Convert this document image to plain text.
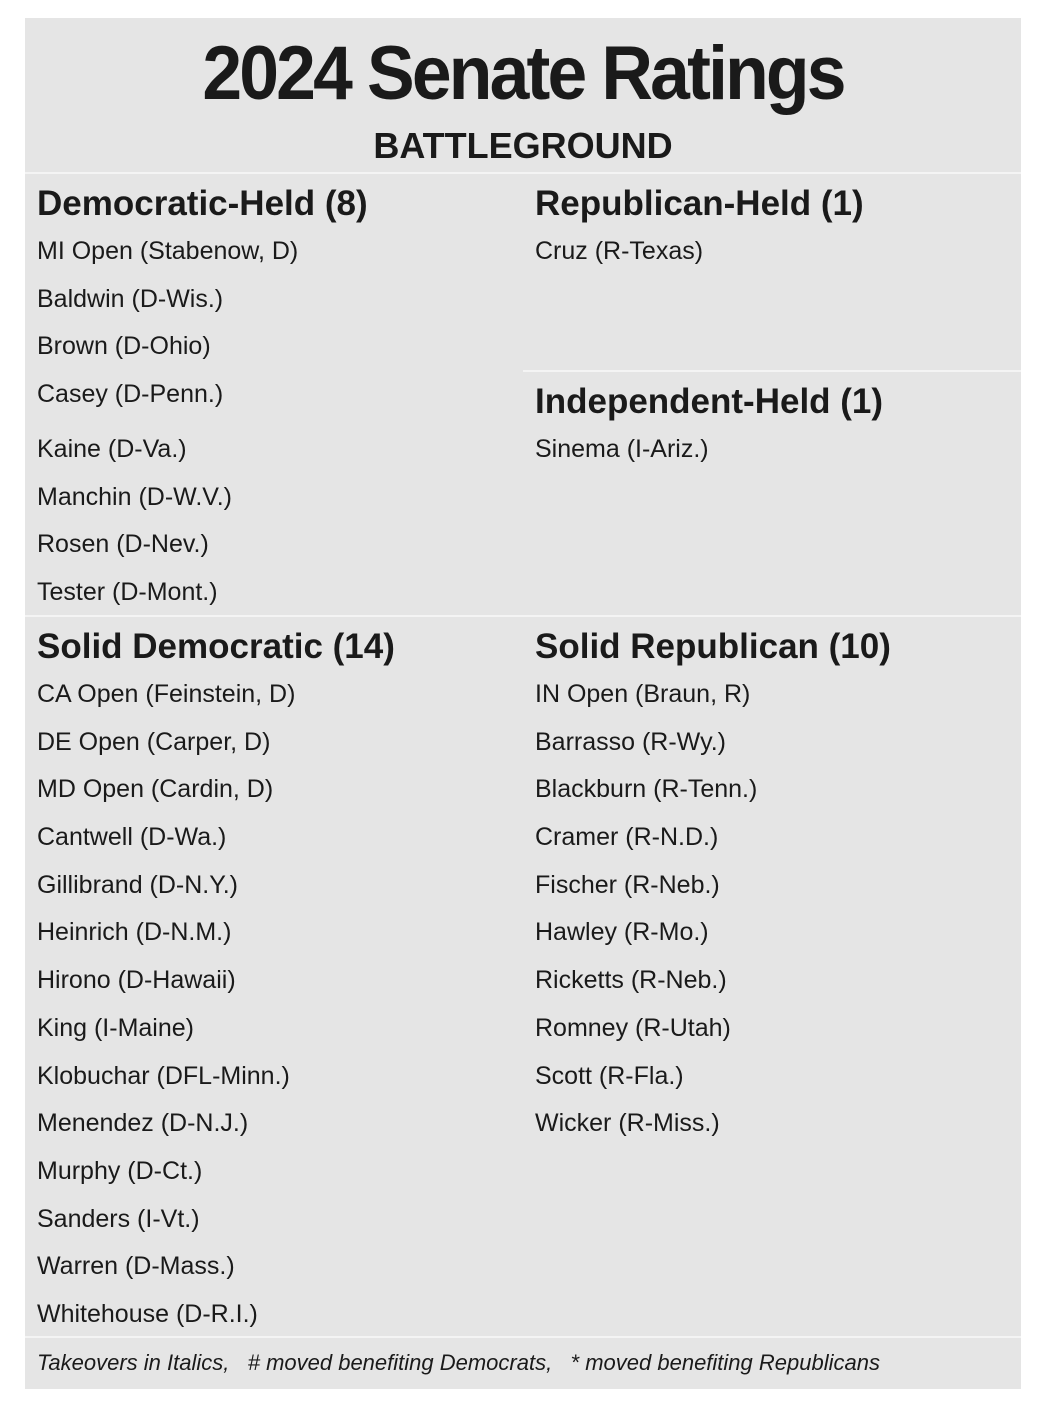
2024 Senate Ratings
BATTLEGROUND
Democratic-Held (8)
MI Open (Stabenow, D)
Baldwin (D-Wis.)
Brown (D-Ohio)
Casey (D-Penn.)
Kaine (D-Va.)
Manchin (D-W.V.)
Rosen (D-Nev.)
Tester (D-Mont.)
Republican-Held (1)
Cruz (R-Texas)
Independent-Held (1)
Sinema (I-Ariz.)
Solid Democratic (14)
CA Open (Feinstein, D)
DE Open (Carper, D)
MD Open (Cardin, D)
Cantwell (D-Wa.)
Gillibrand (D-N.Y.)
Heinrich (D-N.M.)
Hirono (D-Hawaii)
King (I-Maine)
Klobuchar (DFL-Minn.)
Menendez (D-N.J.)
Murphy (D-Ct.)
Sanders (I-Vt.)
Warren (D-Mass.)
Whitehouse (D-R.I.)
Solid Republican (10)
IN Open (Braun, R)
Barrasso (R-Wy.)
Blackburn (R-Tenn.)
Cramer (R-N.D.)
Fischer (R-Neb.)
Hawley (R-Mo.)
Ricketts (R-Neb.)
Romney (R-Utah)
Scott (R-Fla.)
Wicker (R-Miss.)
Takeovers in Italics,   # moved benefiting Democrats,   * moved benefiting Republicans
